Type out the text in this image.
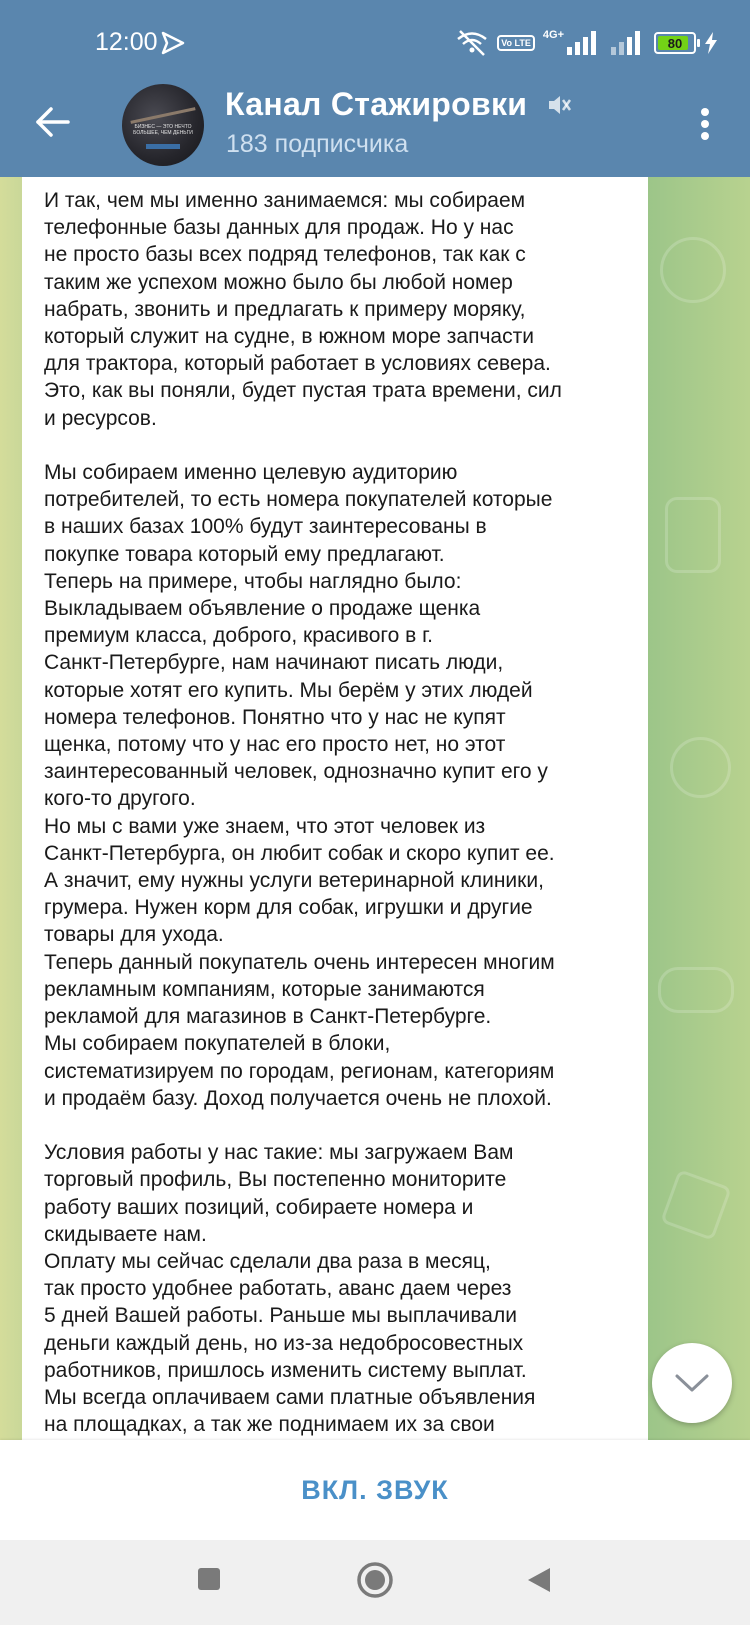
12:00	Vo LTE
4G+
80
БИЗНЕС — ЭТО НЕЧТО БОЛЬШЕЕ, ЧЕМ ДЕНЬГИ
Канал Стажировки
183 подписчика

И так, чем мы именно занимаемся: мы собираем

телефонные базы данных для продаж. Но у нас

не просто базы всех подряд телефонов, так как с

таким же успехом можно было бы любой номер

набрать, звонить и предлагать к примеру моряку,

который служит на судне, в южном море запчасти

для трактора, который работает в условиях севера.

Это, как вы поняли, будет пустая трата времени, сил

и ресурсов.

Мы собираем именно целевую аудиторию

потребителей, то есть номера покупателей которые

в наших базах 100% будут заинтересованы в

покупке товара который ему предлагают.

Теперь на примере, чтобы наглядно было:

Выкладываем объявление о продаже щенка

премиум класса, доброго, красивого в г.

Санкт-Петербурге, нам начинают писать люди,

которые хотят его купить. Мы берём у этих людей

номера телефонов. Понятно что у нас не купят

щенка, потому что у нас его просто нет, но этот

заинтересованный человек, однозначно купит его у

кого-то другого.

Но мы с вами уже знаем, что этот человек из

Санкт-Петербурга, он любит собак и скоро купит ее.

А значит, ему нужны услуги ветеринарной клиники,

грумера. Нужен корм для собак, игрушки и другие

товары для ухода.

Теперь данный покупатель очень интересен многим

рекламным компаниям, которые занимаются

рекламой для магазинов в Санкт-Петербурге.

Мы собираем покупателей в блоки,

систематизируем по городам, регионам, категориям

и продаём базу. Доход получается очень не плохой.

Условия работы у нас такие: мы загружаем Вам

торговый профиль, Вы постепенно мониторите

работу ваших позиций, собираете номера и

скидываете нам.

Оплату мы сейчас сделали два раза в месяц,

так просто удобнее работать, аванс даем через

5 дней Вашей работы. Раньше мы выплачивали

деньги каждый день, но из-за недобросовестных

работников, пришлось изменить систему выплат.

Мы всегда оплачиваем сами платные объявления

на площадках, а так же поднимаем их за свои

ВКЛ. ЗВУК
